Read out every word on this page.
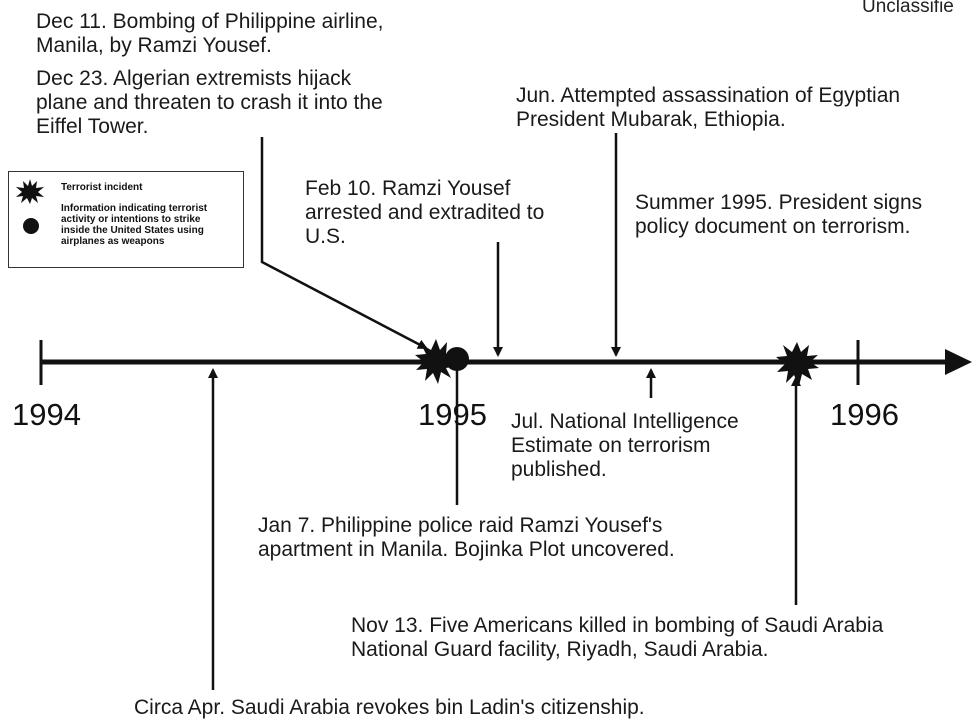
Unclassifie
Terrorist incident
Information indicating terrorist
activity or intentions to strike
inside the United States using
airplanes as weapons
1994	1995	1996
Dec 11. Bombing of Philippine airline,
Manila, by Ramzi Yousef.
Dec 23. Algerian extremists hijack
plane and threaten to crash it into the
Eiffel Tower.
Feb 10. Ramzi Yousef
arrested and extradited to
U.S.
Jun. Attempted assassination of Egyptian
President Mubarak, Ethiopia.
Summer 1995. President signs
policy document on terrorism.
Jul. National Intelligence
Estimate on terrorism
published.
Jan 7. Philippine police raid Ramzi Yousef's
apartment in Manila. Bojinka Plot uncovered.
Nov 13. Five Americans killed in bombing of Saudi Arabia
National Guard facility, Riyadh, Saudi Arabia.
Circa Apr. Saudi Arabia revokes bin Ladin's citizenship.
